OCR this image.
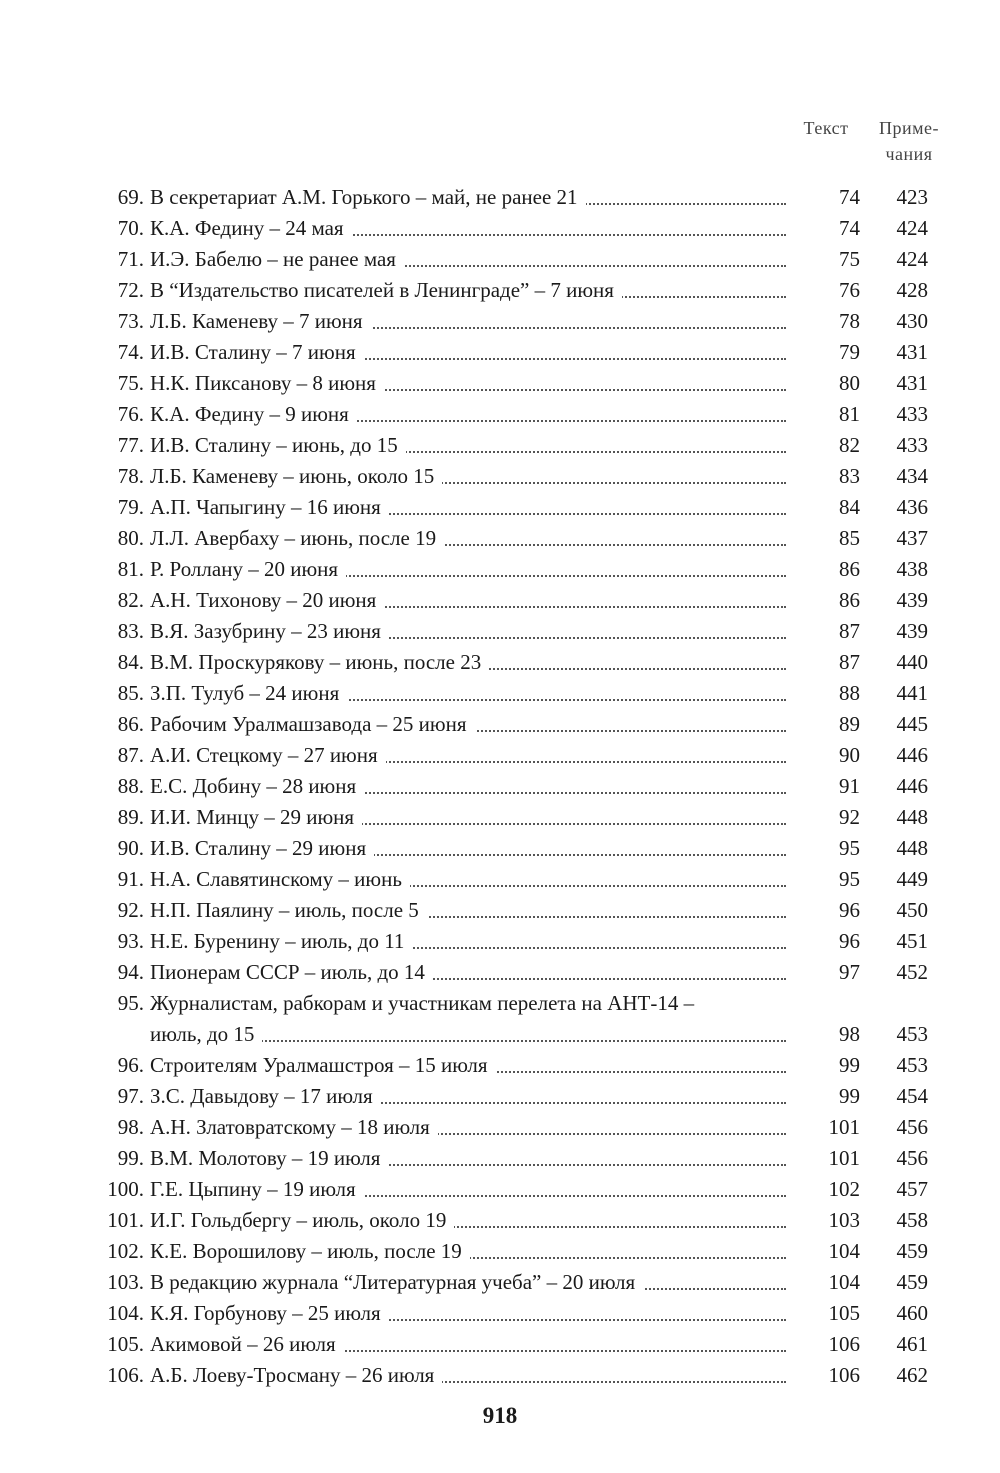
Текст	Приме-
чания
69. В секретариат А.М. Горького – май, не ранее 21	74	423
70. К.А. Федину – 24 мая	74	424
71. И.Э. Бабелю – не ранее мая	75	424
72. В “Издательство писателей в Ленинграде” – 7 июня	76	428
73. Л.Б. Каменеву – 7 июня	78	430
74. И.В. Сталину – 7 июня	79	431
75. Н.К. Пиксанову – 8 июня	80	431
76. К.А. Федину – 9 июня	81	433
77. И.В. Сталину – июнь, до 15	82	433
78. Л.Б. Каменеву – июнь, около 15	83	434
79. А.П. Чапыгину – 16 июня	84	436
80. Л.Л. Авербаху – июнь, после 19	85	437
81. Р. Роллану – 20 июня	86	438
82. А.Н. Тихонову – 20 июня	86	439
83. В.Я. Зазубрину – 23 июня	87	439
84. В.М. Проскурякову – июнь, после 23	87	440
85. З.П. Тулуб – 24 июня	88	441
86. Рабочим Уралмашзавода – 25 июня	89	445
87. А.И. Стецкому – 27 июня	90	446
88. Е.С. Добину – 28 июня	91	446
89. И.И. Минцу – 29 июня	92	448
90. И.В. Сталину – 29 июня	95	448
91. Н.А. Славятинскому – июнь	95	449
92. Н.П. Паялину – июль, после 5	96	450
93. Н.Е. Буренину – июль, до 11	96	451
94. Пионерам СССР – июль, до 14	97	452
95. Журналистам, рабкорам и участникам перелета на АНТ-14 –
июль, до 15	98	453
96. Строителям Уралмашстроя – 15 июля	99	453
97. З.С. Давыдову – 17 июля	99	454
98. А.Н. Златовратскому – 18 июля	101	456
99. В.М. Молотову – 19 июля	101	456
100. Г.Е. Цыпину – 19 июля	102	457
101. И.Г. Гольдбергу – июль, около 19	103	458
102. К.Е. Ворошилову – июль, после 19	104	459
103. В редакцию журнала “Литературная учеба” – 20 июля	104	459
104. К.Я. Горбунову – 25 июля	105	460
105. Акимовой – 26 июля	106	461
106. А.Б. Лоеву-Тросману – 26 июля	106	462
918
